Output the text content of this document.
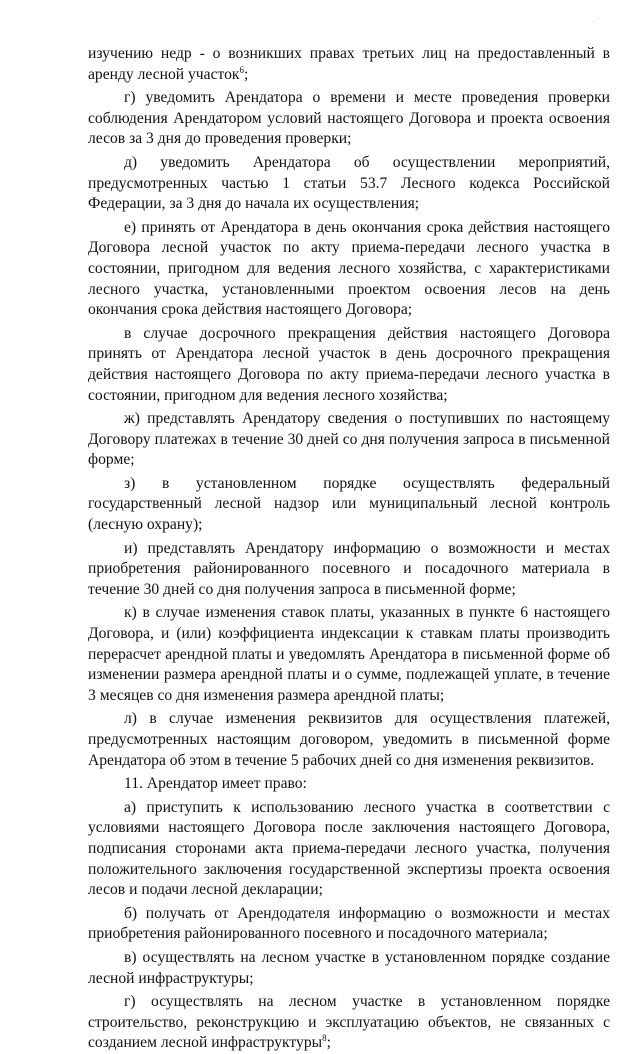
·

изучению недр - о возникших правах третьих лиц на предоставленный в аренду лесной участок$^6$;

г) уведомить Арендатора о времени и месте проведения проверки соблюдения Арендатором условий настоящего Договора и проекта освоения лесов за 3 дня до проведения проверки;

д) уведомить Арендатора об осуществлении мероприятий, предусмотренных частью 1 статьи 53.7 Лесного кодекса Российской Федерации, за 3 дня до начала их осуществления;

е) принять от Арендатора в день окончания срока действия настоящего Договора лесной участок по акту приема-передачи лесного участка в состоянии, пригодном для ведения лесного хозяйства, с характеристиками лесного участка, установленными проектом освоения лесов на день окончания срока действия настоящего Договора;

в случае досрочного прекращения действия настоящего Договора принять от Арендатора лесной участок в день досрочного прекращения действия настоящего Договора по акту приема-передачи лесного участка в состоянии, пригодном для ведения лесного хозяйства;

ж) представлять Арендатору сведения о поступивших по настоящему Договору платежах в течение 30 дней со дня получения запроса в письменной форме;

з) в установленном порядке осуществлять федеральный государственный лесной надзор или муниципальный лесной контроль (лесную охрану);

и) представлять Арендатору информацию о возможности и местах приобретения районированного посевного и посадочного материала в течение 30 дней со дня получения запроса в письменной форме;

к) в случае изменения ставок платы, указанных в пункте 6 настоящего Договора, и (или) коэффициента индексации к ставкам платы производить перерасчет арендной платы и уведомлять Арендатора в письменной форме об изменении размера арендной платы и о сумме, подлежащей уплате, в течение 3 месяцев со дня изменения размера арендной платы;

л) в случае изменения реквизитов для осуществления платежей, предусмотренных настоящим договором, уведомить в письменной форме Арендатора об этом в течение 5 рабочих дней со дня изменения реквизитов.

11. Арендатор имеет право:

а) приступить к использованию лесного участка в соответствии с условиями настоящего Договора после заключения настоящего Договора, подписания сторонами акта приема-передачи лесного участка, получения положительного заключения государственной экспертизы проекта освоения лесов и подачи лесной декларации;

б) получать от Арендодателя информацию о возможности и местах приобретения районированного посевного и посадочного материала;

в) осуществлять на лесном участке в установленном порядке создание лесной инфраструктуры;

г) осуществлять на лесном участке в установленном порядке строительство, реконструкцию и эксплуатацию объектов, не связанных с созданием лесной инфраструктуры$^8$;
